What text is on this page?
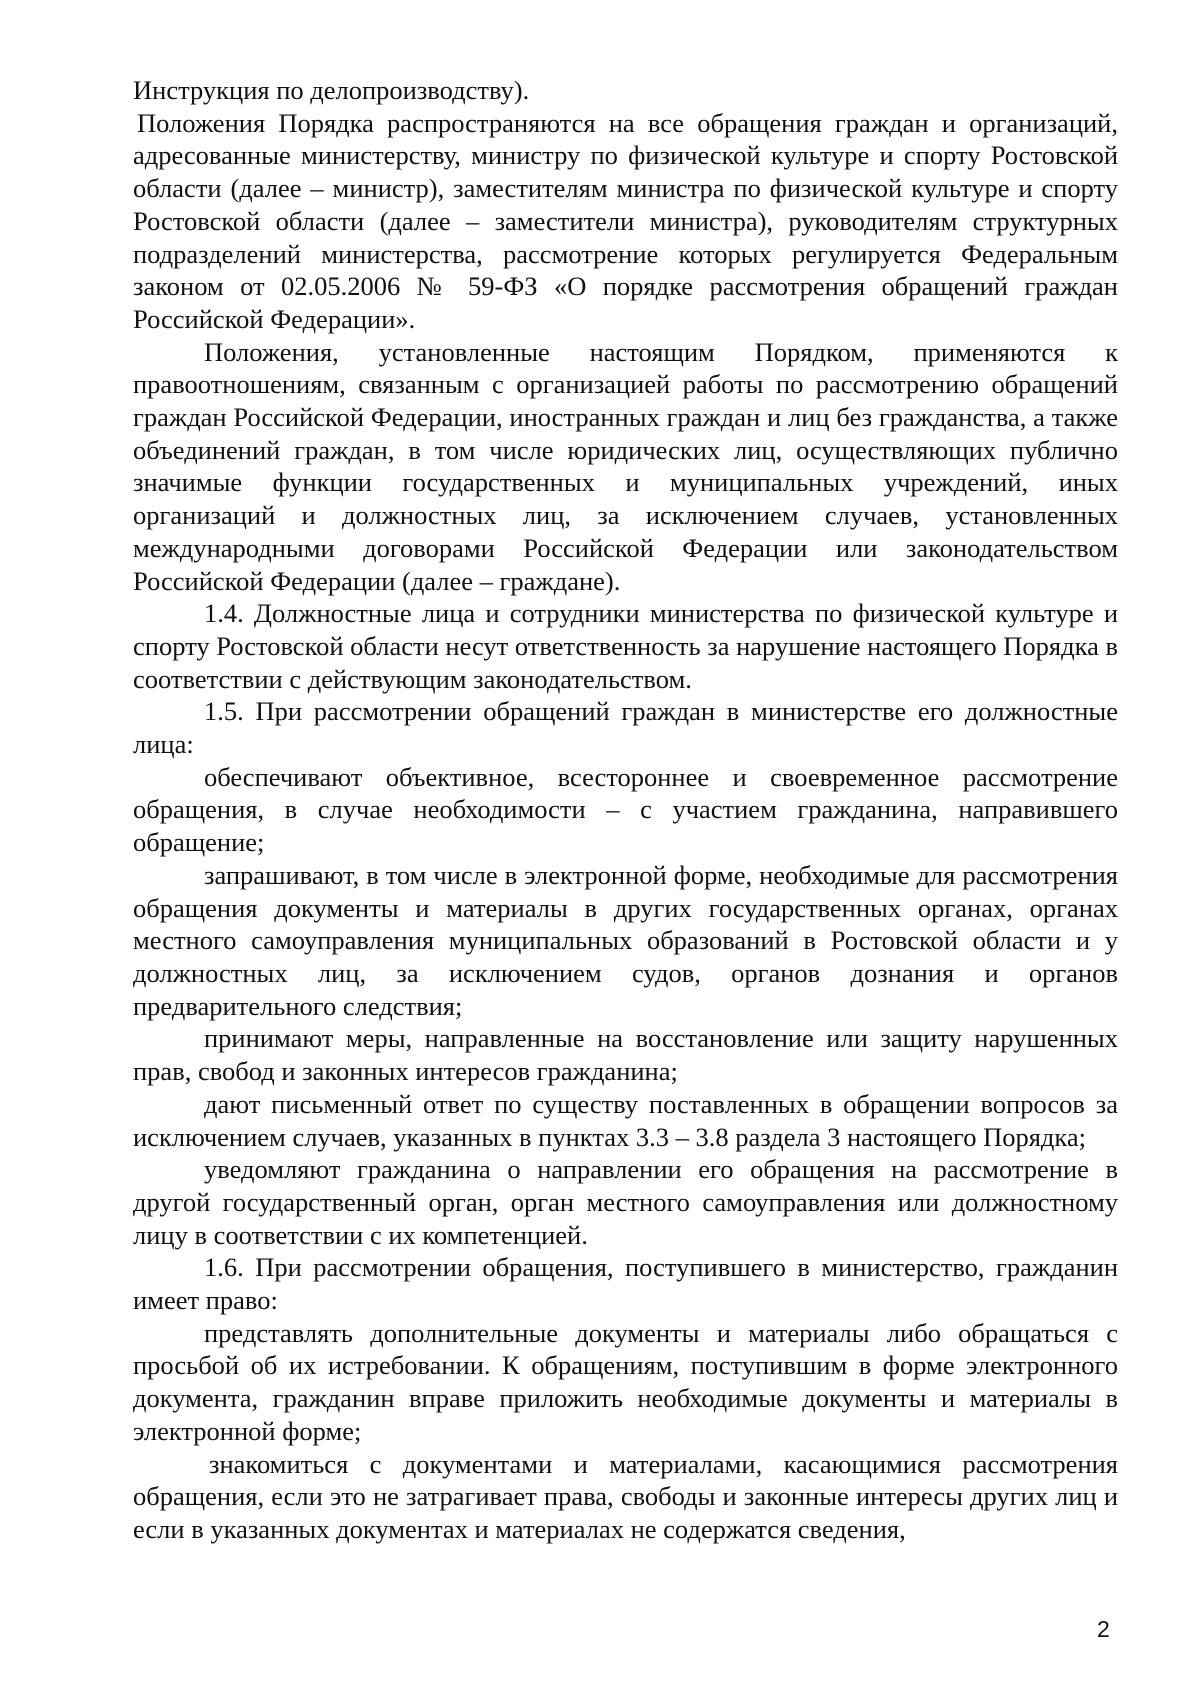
Инструкция по делопроизводству).

Положения Порядка распространяются на все обращения граждан и организаций, адресованные министерству, министру по физической культуре и спорту Ростовской области (далее – министр), заместителям министра по физической культуре и спорту Ростовской области (далее – заместители министра), руководителям структурных подразделений министерства, рассмотрение которых регулируется Федеральным законом от 02.05.2006 № 59-ФЗ «О порядке рассмотрения обращений граждан Российской Федерации».

Положения, установленные настоящим Порядком, применяются к правоотношениям, связанным с организацией работы по рассмотрению обращений граждан Российской Федерации, иностранных граждан и лиц без гражданства, а также объединений граждан, в том числе юридических лиц, осуществляющих публично значимые функции государственных и муниципальных учреждений, иных организаций и должностных лиц, за исключением случаев, установленных международными договорами Российской Федерации или законодательством Российской Федерации (далее – граждане).

1.4. Должностные лица и сотрудники министерства по физической культуре и спорту Ростовской области несут ответственность за нарушение настоящего Порядка в соответствии с действующим законодательством.

1.5. При рассмотрении обращений граждан в министерстве его должностные лица:

обеспечивают объективное, всестороннее и своевременное рассмотрение обращения, в случае необходимости – с участием гражданина, направившего обращение;

запрашивают, в том числе в электронной форме, необходимые для рассмотрения обращения документы и материалы в других государственных органах, органах местного самоуправления муниципальных образований в Ростовской области и у должностных лиц, за исключением судов, органов дознания и органов предварительного следствия;

принимают меры, направленные на восстановление или защиту нарушенных прав, свобод и законных интересов гражданина;

дают письменный ответ по существу поставленных в обращении вопросов за исключением случаев, указанных в пунктах 3.3 – 3.8 раздела 3 настоящего Порядка;

уведомляют гражданина о направлении его обращения на рассмотрение в другой государственный орган, орган местного самоуправления или должностному лицу в соответствии с их компетенцией.

1.6. При рассмотрении обращения, поступившего в министерство, гражданин имеет право:

представлять дополнительные документы и материалы либо обращаться с просьбой об их истребовании. К обращениям, поступившим в форме электронного документа, гражданин вправе приложить необходимые документы и материалы в электронной форме;

знакомиться с документами и материалами, касающимися рассмотрения обращения, если это не затрагивает права, свободы и законные интересы других лиц и если в указанных документах и материалах не содержатся сведения,

2
